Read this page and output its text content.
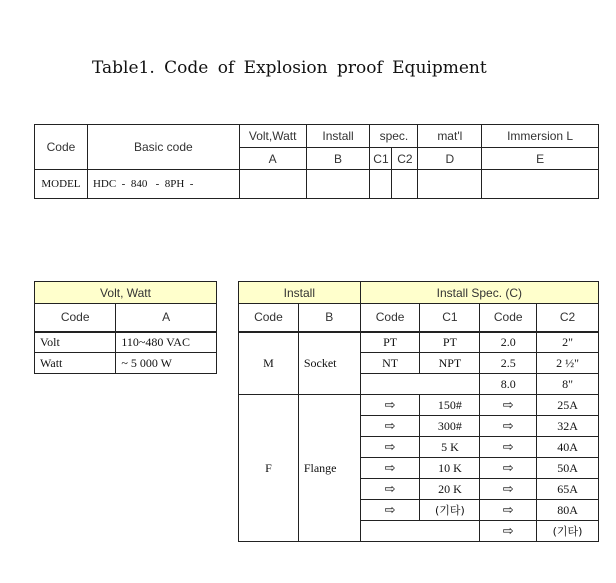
Table1. Code of Explosion proof Equipment
Code	Basic code	Volt,Watt	Install	spec.		mat'l	Immersion L
		A	B	C1	C2	D	E
MODEL	HDC  -  840   -  8PH  -						
Volt, Watt	
Code	A
Volt	110~480 VAC
Watt	~ 5 000 W
Install		Install Spec. (C)			
Code	B	Code	C1	Code	C2
M	Socket	PT	PT	2.0	2"
		NT	NPT	2.5	2 ½"
				8.0	8"
F	Flange	⇨	150#	⇨	25A
		⇨	300#	⇨	32A
		⇨	5 K	⇨	40A
		⇨	10 K	⇨	50A
		⇨	20 K	⇨	65A
		⇨	(기타)	⇨	80A
				⇨	(기타)
